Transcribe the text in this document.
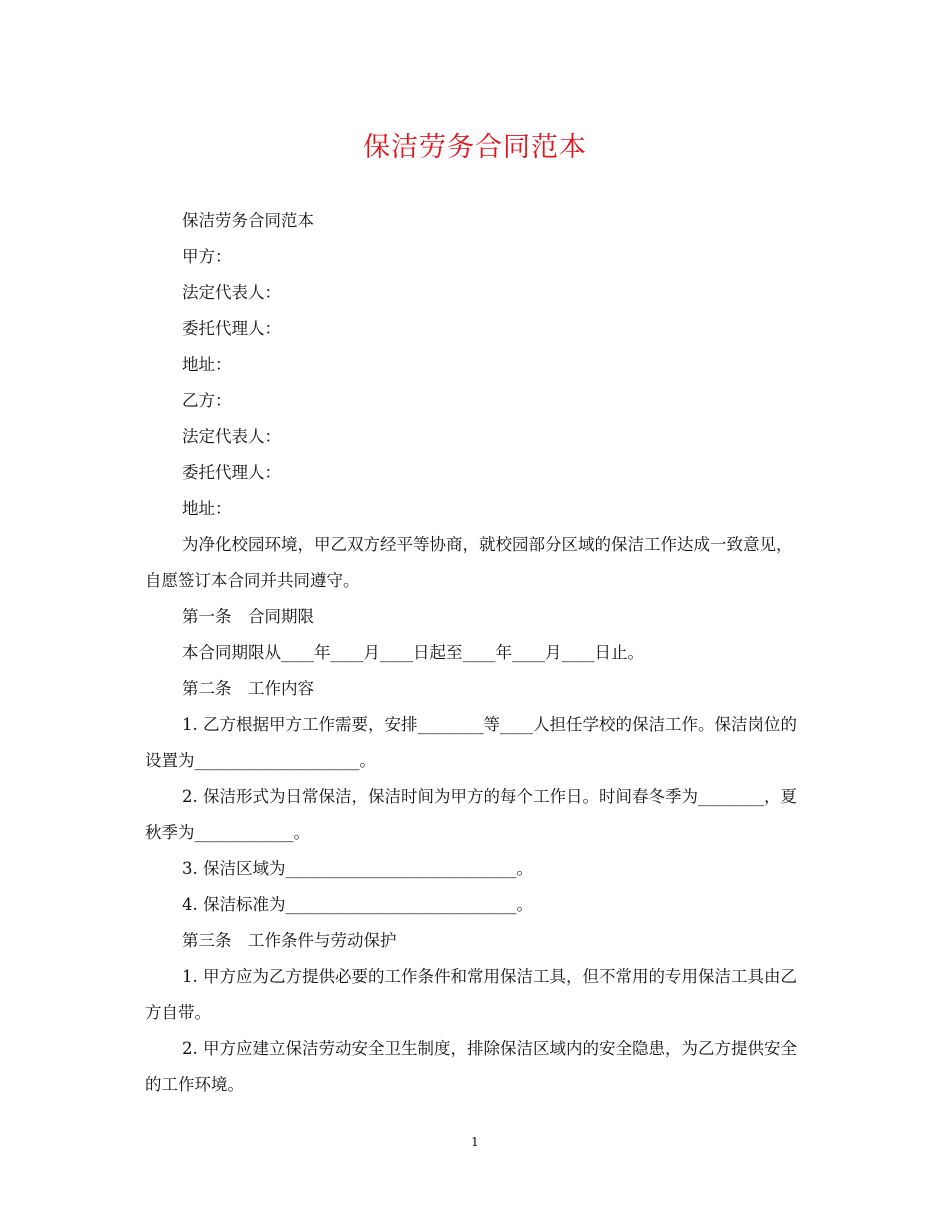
保洁劳务合同范本

保洁劳务合同范本

甲方：

法定代表人：

委托代理人：

地址：

乙方：

法定代表人：

委托代理人：

地址：

为净化校园环境，甲乙双方经平等协商，就校园部分区域的保洁工作达成一致意见，自愿签订本合同并共同遵守。

第一条　合同期限

本合同期限从____年____月____日起至____年____月____日止。

第二条　工作内容

1. 乙方根据甲方工作需要，安排________等____人担任学校的保洁工作。保洁岗位的设置为____________________。

2. 保洁形式为日常保洁，保洁时间为甲方的每个工作日。时间春冬季为________，夏秋季为____________。

3. 保洁区域为____________________________。

4. 保洁标准为____________________________。

第三条　工作条件与劳动保护

1. 甲方应为乙方提供必要的工作条件和常用保洁工具，但不常用的专用保洁工具由乙方自带。

2. 甲方应建立保洁劳动安全卫生制度，排除保洁区域内的安全隐患，为乙方提供安全的工作环境。

1
